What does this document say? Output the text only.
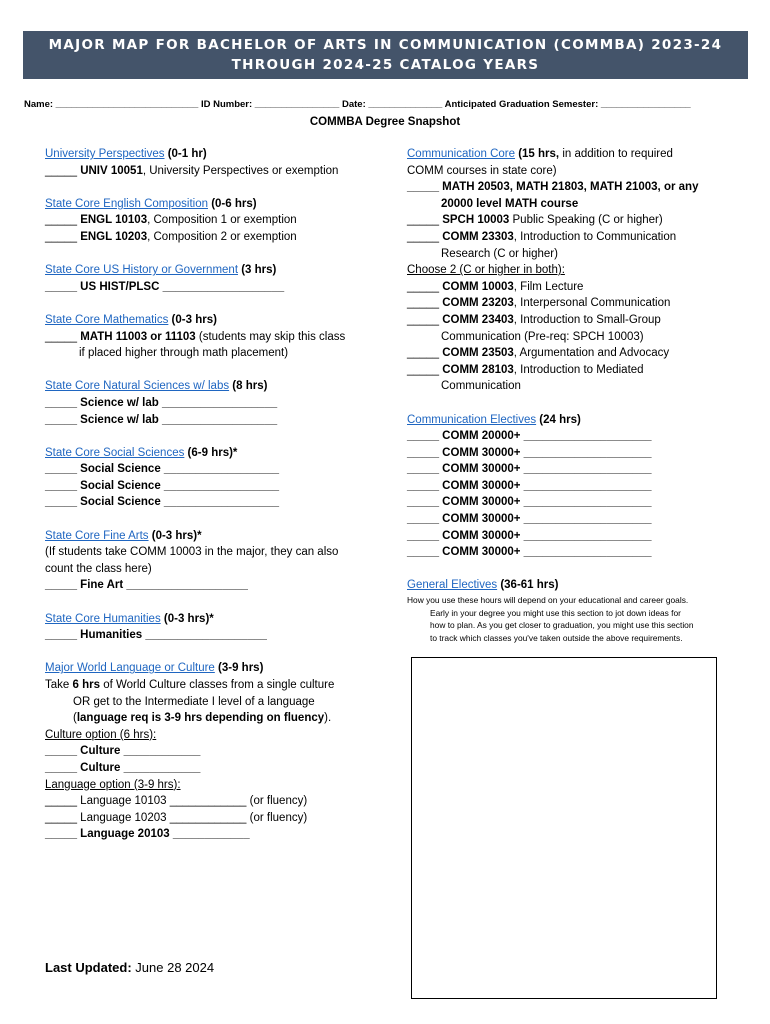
MAJOR MAP FOR BACHELOR OF ARTS IN COMMUNICATION (COMMBA) 2023-24
THROUGH 2024-25 CATALOG YEARS
Name: ___________________________ ID Number: ________________ Date: ______________ Anticipated Graduation Semester: _________________
COMMBA Degree Snapshot

University Perspectives (0-1 hr)

_____ UNIV 10051, University Perspectives or exemption

State Core English Composition (0-6 hrs)

_____ ENGL 10103, Composition 1 or exemption

_____ ENGL 10203, Composition 2 or exemption

State Core US History or Government (3 hrs)

_____ US HIST/PLSC ___________________

State Core Mathematics (0-3 hrs)

_____ MATH 11003 or 11103 (students may skip this class

if placed higher through math placement)

State Core Natural Sciences w/ labs (8 hrs)

_____ Science w/ lab __________________

_____ Science w/ lab __________________

State Core Social Sciences (6-9 hrs)*

_____ Social Science __________________

_____ Social Science __________________

_____ Social Science __________________

State Core Fine Arts (0-3 hrs)*

(If students take COMM 10003 in the major, they can also

count the class here)

_____ Fine Art ___________________

State Core Humanities (0-3 hrs)*

_____ Humanities ___________________

Major World Language or Culture (3-9 hrs)

Take 6 hrs of World Culture classes from a single culture

OR get to the Intermediate I level of a language

(language req is 3-9 hrs depending on fluency).

Culture option (6 hrs):

_____ Culture ____________

_____ Culture ____________

Language option (3-9 hrs):

_____ Language 10103 ____________ (or fluency)

_____ Language 10203 ____________ (or fluency)

_____ Language 20103 ____________

Communication Core (15 hrs, in addition to required

COMM courses in state core)

_____ MATH 20503, MATH 21803, MATH 21003, or any

20000 level MATH course

_____ SPCH 10003 Public Speaking (C or higher)

_____ COMM 23303, Introduction to Communication

Research (C or higher)

Choose 2 (C or higher in both):

_____ COMM 10003, Film Lecture

_____ COMM 23203, Interpersonal Communication

_____ COMM 23403, Introduction to Small-Group

Communication (Pre-req: SPCH 10003)

_____ COMM 23503, Argumentation and Advocacy

_____ COMM 28103, Introduction to Mediated

Communication

Communication Electives (24 hrs)

_____ COMM 20000+ ____________________

_____ COMM 30000+ ____________________

_____ COMM 30000+ ____________________

_____ COMM 30000+ ____________________

_____ COMM 30000+ ____________________

_____ COMM 30000+ ____________________

_____ COMM 30000+ ____________________

_____ COMM 30000+ ____________________

General Electives (36-61 hrs)

How you use these hours will depend on your educational and career goals.

Early in your degree you might use this section to jot down ideas for

how to plan. As you get closer to graduation, you might use this section

to track which classes you've taken outside the above requirements.

Last Updated: June 28 2024
